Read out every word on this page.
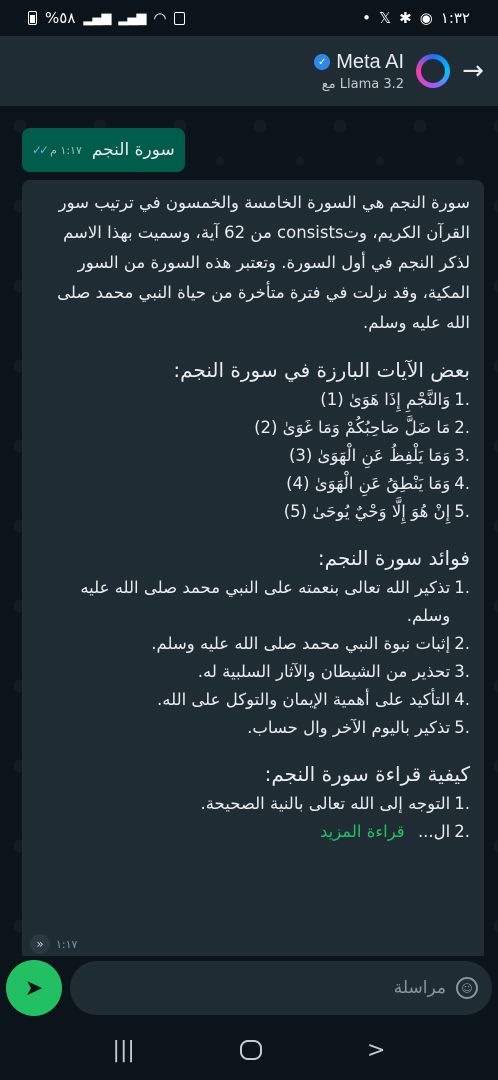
%٥٨ ▂▄▆ ▂▄▆ ◠	• 𝕏 ✱ ◉ ١:٣٢
✓ Meta AI
مع Llama 3.2 →
✓✓ ١:١٧ م سورة النجم

سورة النجم هي السورة الخامسة والخمسون في ترتيب سور القرآن الكريم، وتconsists من 62 آية، وسميت بهذا الاسم لذكر النجم في أول السورة. وتعتبر هذه السورة من السور المكية، وقد نزلت في فترة متأخرة من حياة النبي محمد صلى الله عليه وسلم.

بعض الآيات البارزة في سورة النجم:
.1
وَالنَّجْمِ إِذَا هَوَىٰ (1)
.2
مَا ضَلَّ صَاحِبُكُمْ وَمَا غَوَىٰ (2)
.3
وَمَا يَلْفِظُ عَنِ الْهَوَىٰ (3)
.4
وَمَا يَنْطِقُ عَنِ الْهَوَىٰ (4)
.5
إِنْ هُوَ إِلَّا وَحْيٌ يُوحَىٰ (5)
فوائد سورة النجم:
.1
تذكير الله تعالى بنعمته على النبي محمد صلى الله عليه وسلم.
.2
إثبات نبوة النبي محمد صلى الله عليه وسلم.
.3
تحذير من الشيطان والآثار السلبية له.
.4
التأكيد على أهمية الإيمان والتوكل على الله.
.5
تذكير باليوم الآخر وال حساب.
كيفية قراءة سورة النجم:
.1
التوجه إلى الله تعالى بالنية الصحيحة.
.2
ال...

قراءة المزيد
»	١:١٧
➤	مراسلة	☺
|||	>
